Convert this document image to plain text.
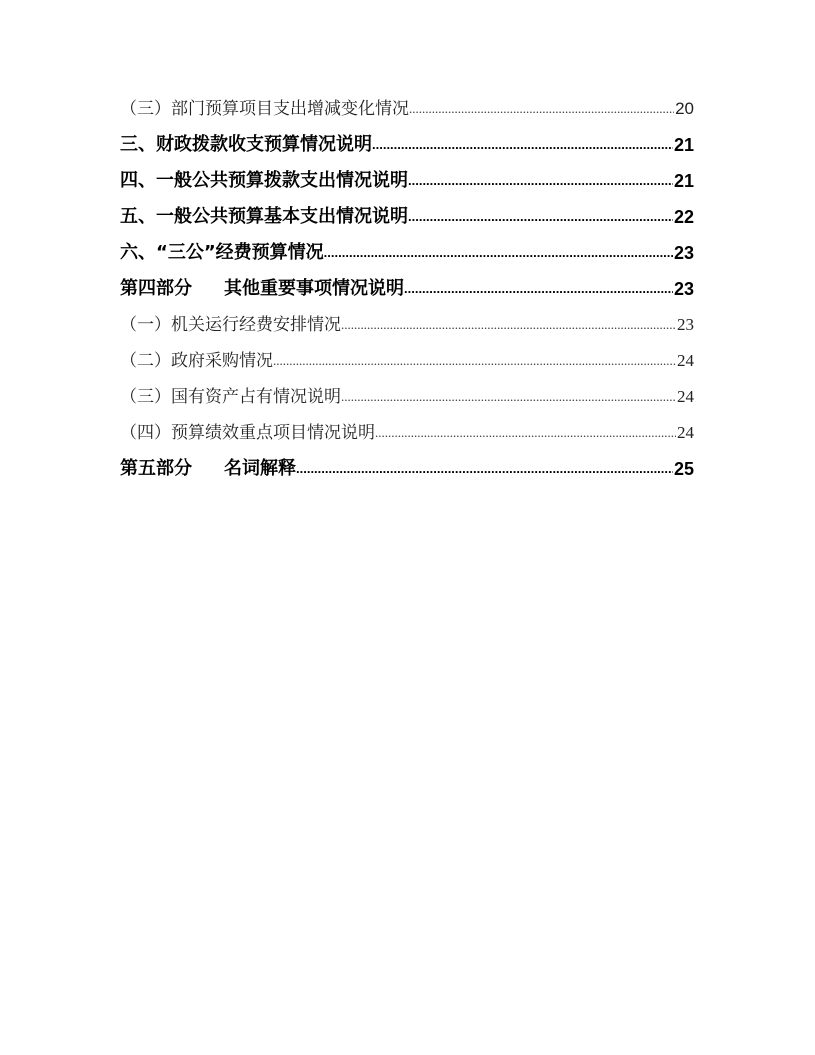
（三）部门预算项目支出增减变化情况 .....	20
三、财政拨款收支预算情况说明 .....	21
四、一般公共预算拨款支出情况说明 .....	21
五、一般公共预算基本支出情况说明 .....	22
六、“三公”经费预算情况 .....	23
第四部分 其他重要事项情况说明 .....	23
（一）机关运行经费安排情况 .....	23
（二）政府采购情况 .....	24
（三）国有资产占有情况说明 .....	24
（四）预算绩效重点项目情况说明 .....	24
第五部分 名词解释 .....	25
